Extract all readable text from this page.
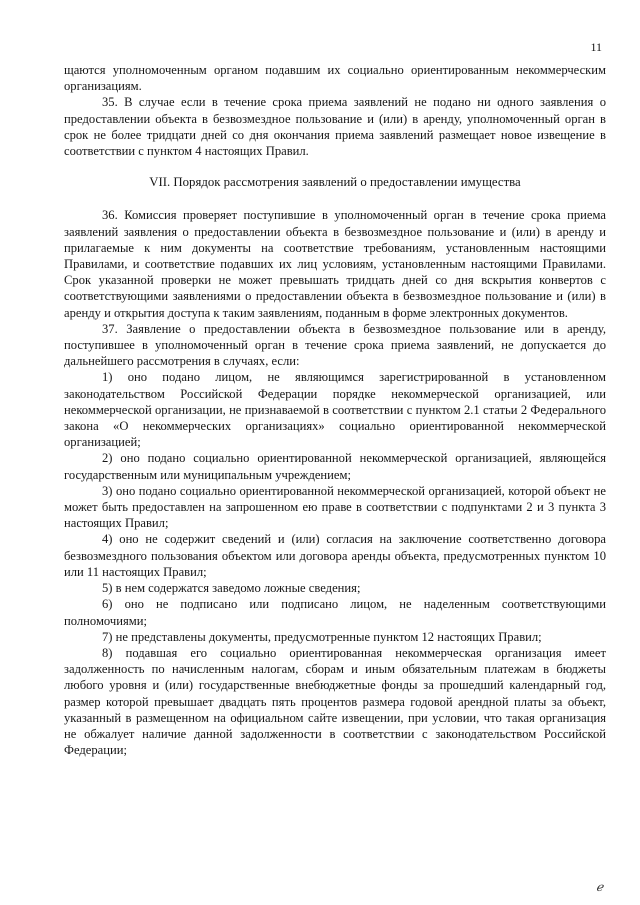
11

щаются уполномоченным органом подавшим их социально ориентированным некоммерческим организациям.

35. В случае если в течение срока приема заявлений не подано ни одного заявления о предоставлении объекта в безвозмездное пользование и (или) в аренду, уполномоченный орган в срок не более тридцати дней со дня окончания приема заявлений размещает новое извещение в соответствии с пунктом 4 настоящих Правил.

VII. Порядок рассмотрения заявлений о предоставлении имущества

36. Комиссия проверяет поступившие в уполномоченный орган в течение срока приема заявлений заявления о предоставлении объекта в безвозмездное пользование и (или) в аренду и прилагаемые к ним документы на соответствие требованиям, установленным настоящими Правилами, и соответствие подавших их лиц условиям, установленным настоящими Правилами. Срок указанной проверки не может превышать тридцать дней со дня вскрытия конвертов с соответствующими заявлениями о предоставлении объекта в безвозмездное пользование и (или) в аренду и открытия доступа к таким заявлениям, поданным в форме электронных документов.

37. Заявление о предоставлении объекта в безвозмездное пользование или в аренду, поступившее в уполномоченный орган в течение срока приема заявлений, не допускается до дальнейшего рассмотрения в случаях, если:

1) оно подано лицом, не являющимся зарегистрированной в установленном законодательством Российской Федерации порядке некоммерческой организацией, или некоммерческой организации, не признаваемой в соответствии с пунктом 2.1 статьи 2 Федерального закона «О некоммерческих организациях» социально ориентированной некоммерческой организацией;

2) оно подано социально ориентированной некоммерческой организацией, являющейся государственным или муниципальным учреждением;

3) оно подано социально ориентированной некоммерческой организацией, которой объект не может быть предоставлен на запрошенном ею праве в соответствии с подпунктами 2 и 3 пункта 3 настоящих Правил;

4) оно не содержит сведений и (или) согласия на заключение соответственно договора безвозмездного пользования объектом или договора аренды объекта, предусмотренных пунктом 10 или 11 настоящих Правил;

5) в нем содержатся заведомо ложные сведения;

6) оно не подписано или подписано лицом, не наделенным соответствующими полномочиями;

7) не представлены документы, предусмотренные пунктом 12 настоящих Правил;

8) подавшая его социально ориентированная некоммерческая организация имеет задолженность по начисленным налогам, сборам и иным обязательным платежам в бюджеты любого уровня и (или) государственные внебюджетные фонды за прошедший календарный год, размер которой превышает двадцать пять процентов размера годовой арендной платы за объект, указанный в размещенном на официальном сайте извещении, при условии, что такая организация не обжалует наличие данной задолженности в соответствии с законодательством Российской Федерации;

ℯ
